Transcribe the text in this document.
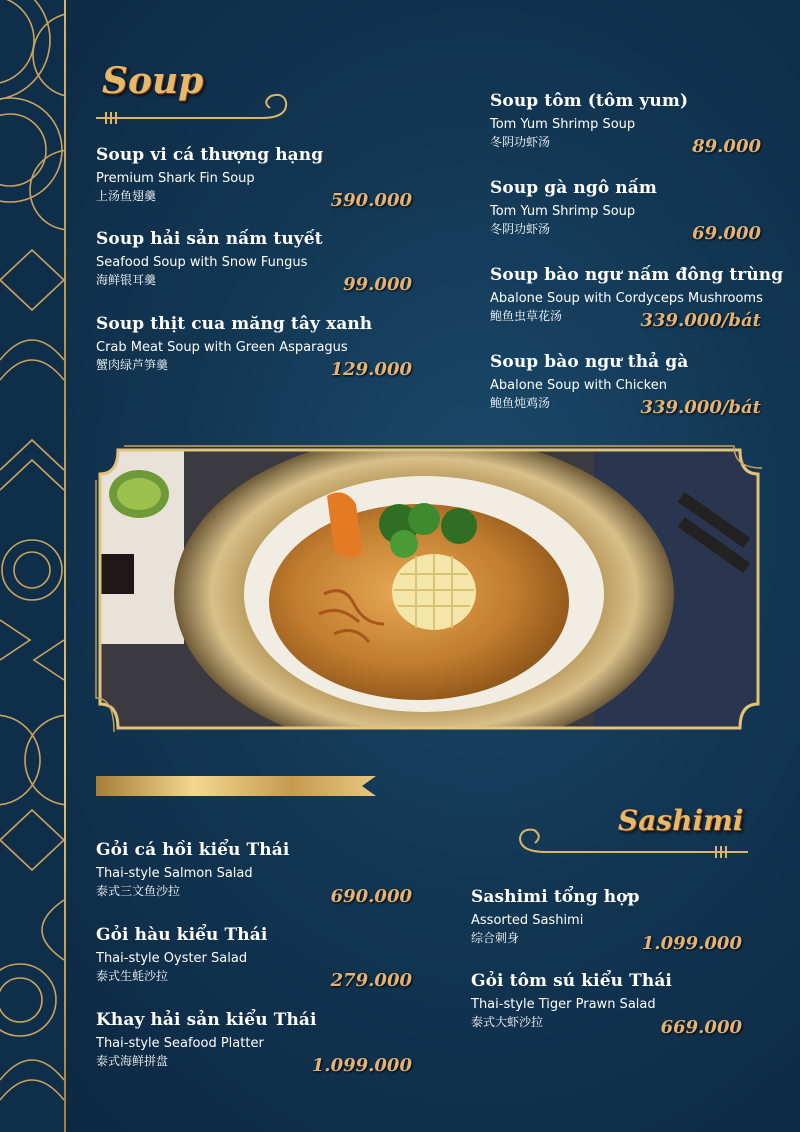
Soup
Soup vi cá thượng hạng
Premium Shark Fin Soup
上汤鱼翅羹	590.000
Soup hải sản nấm tuyết
Seafood Soup with Snow Fungus
海鲜银耳羹	99.000
Soup thịt cua măng tây xanh
Crab Meat Soup with Green Asparagus
蟹肉绿芦笋羹	129.000
Soup tôm (tôm yum)
Tom Yum Shrimp Soup
冬阴功虾汤	89.000
Soup gà ngô nấm
Tom Yum Shrimp Soup
冬阴功虾汤	69.000
Soup bào ngư nấm đông trùng
Abalone Soup with Cordyceps Mushrooms
鲍鱼虫草花汤	339.000/bát
Soup bào ngư thả gà
Abalone Soup with Chicken
鲍鱼炖鸡汤	339.000/bát
Gỏi cá hồi kiểu Thái
Thai-style Salmon Salad
泰式三文鱼沙拉	690.000
Gỏi hàu kiểu Thái
Thai-style Oyster Salad
泰式生蚝沙拉	279.000
Khay hải sản kiểu Thái
Thai-style Seafood Platter
泰式海鲜拼盘	1.099.000
Sashimi
Sashimi tổng hợp
Assorted Sashimi
综合刺身	1.099.000
Gỏi tôm sú kiểu Thái
Thai-style Tiger Prawn Salad
泰式大虾沙拉	669.000
